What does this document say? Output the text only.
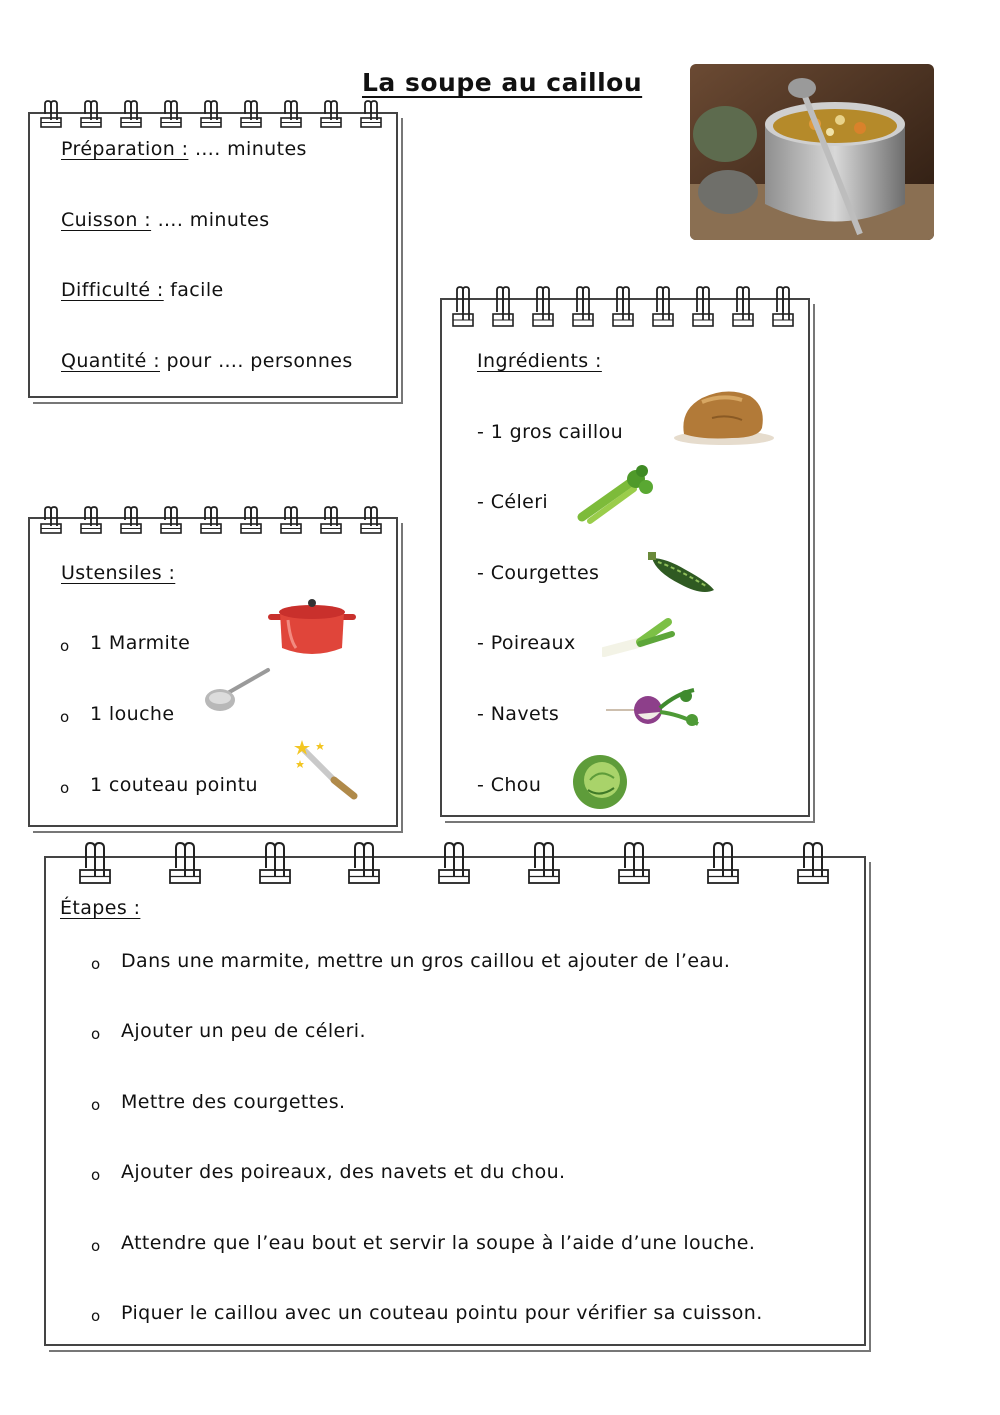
La soupe au caillou
Préparation : …. minutes
Cuisson : …. minutes
Difficulté : facile
Quantité : pour …. personnes	Ingrédients :
- 1 gros caillou
- Céleri
- Courgettes
- Poireaux
- Navets
- Chou
Ustensiles :
o 1 Marmite
o 1 louche
o 1 couteau pointu
Étapes :
o Dans une marmite, mettre un gros caillou et ajouter de l’eau.
o Ajouter un peu de céleri.
o Mettre des courgettes.
o Ajouter des poireaux, des navets et du chou.
o Attendre que l’eau bout et servir la soupe à l’aide d’une louche.
o Piquer le caillou avec un couteau pointu pour vérifier sa cuisson.
